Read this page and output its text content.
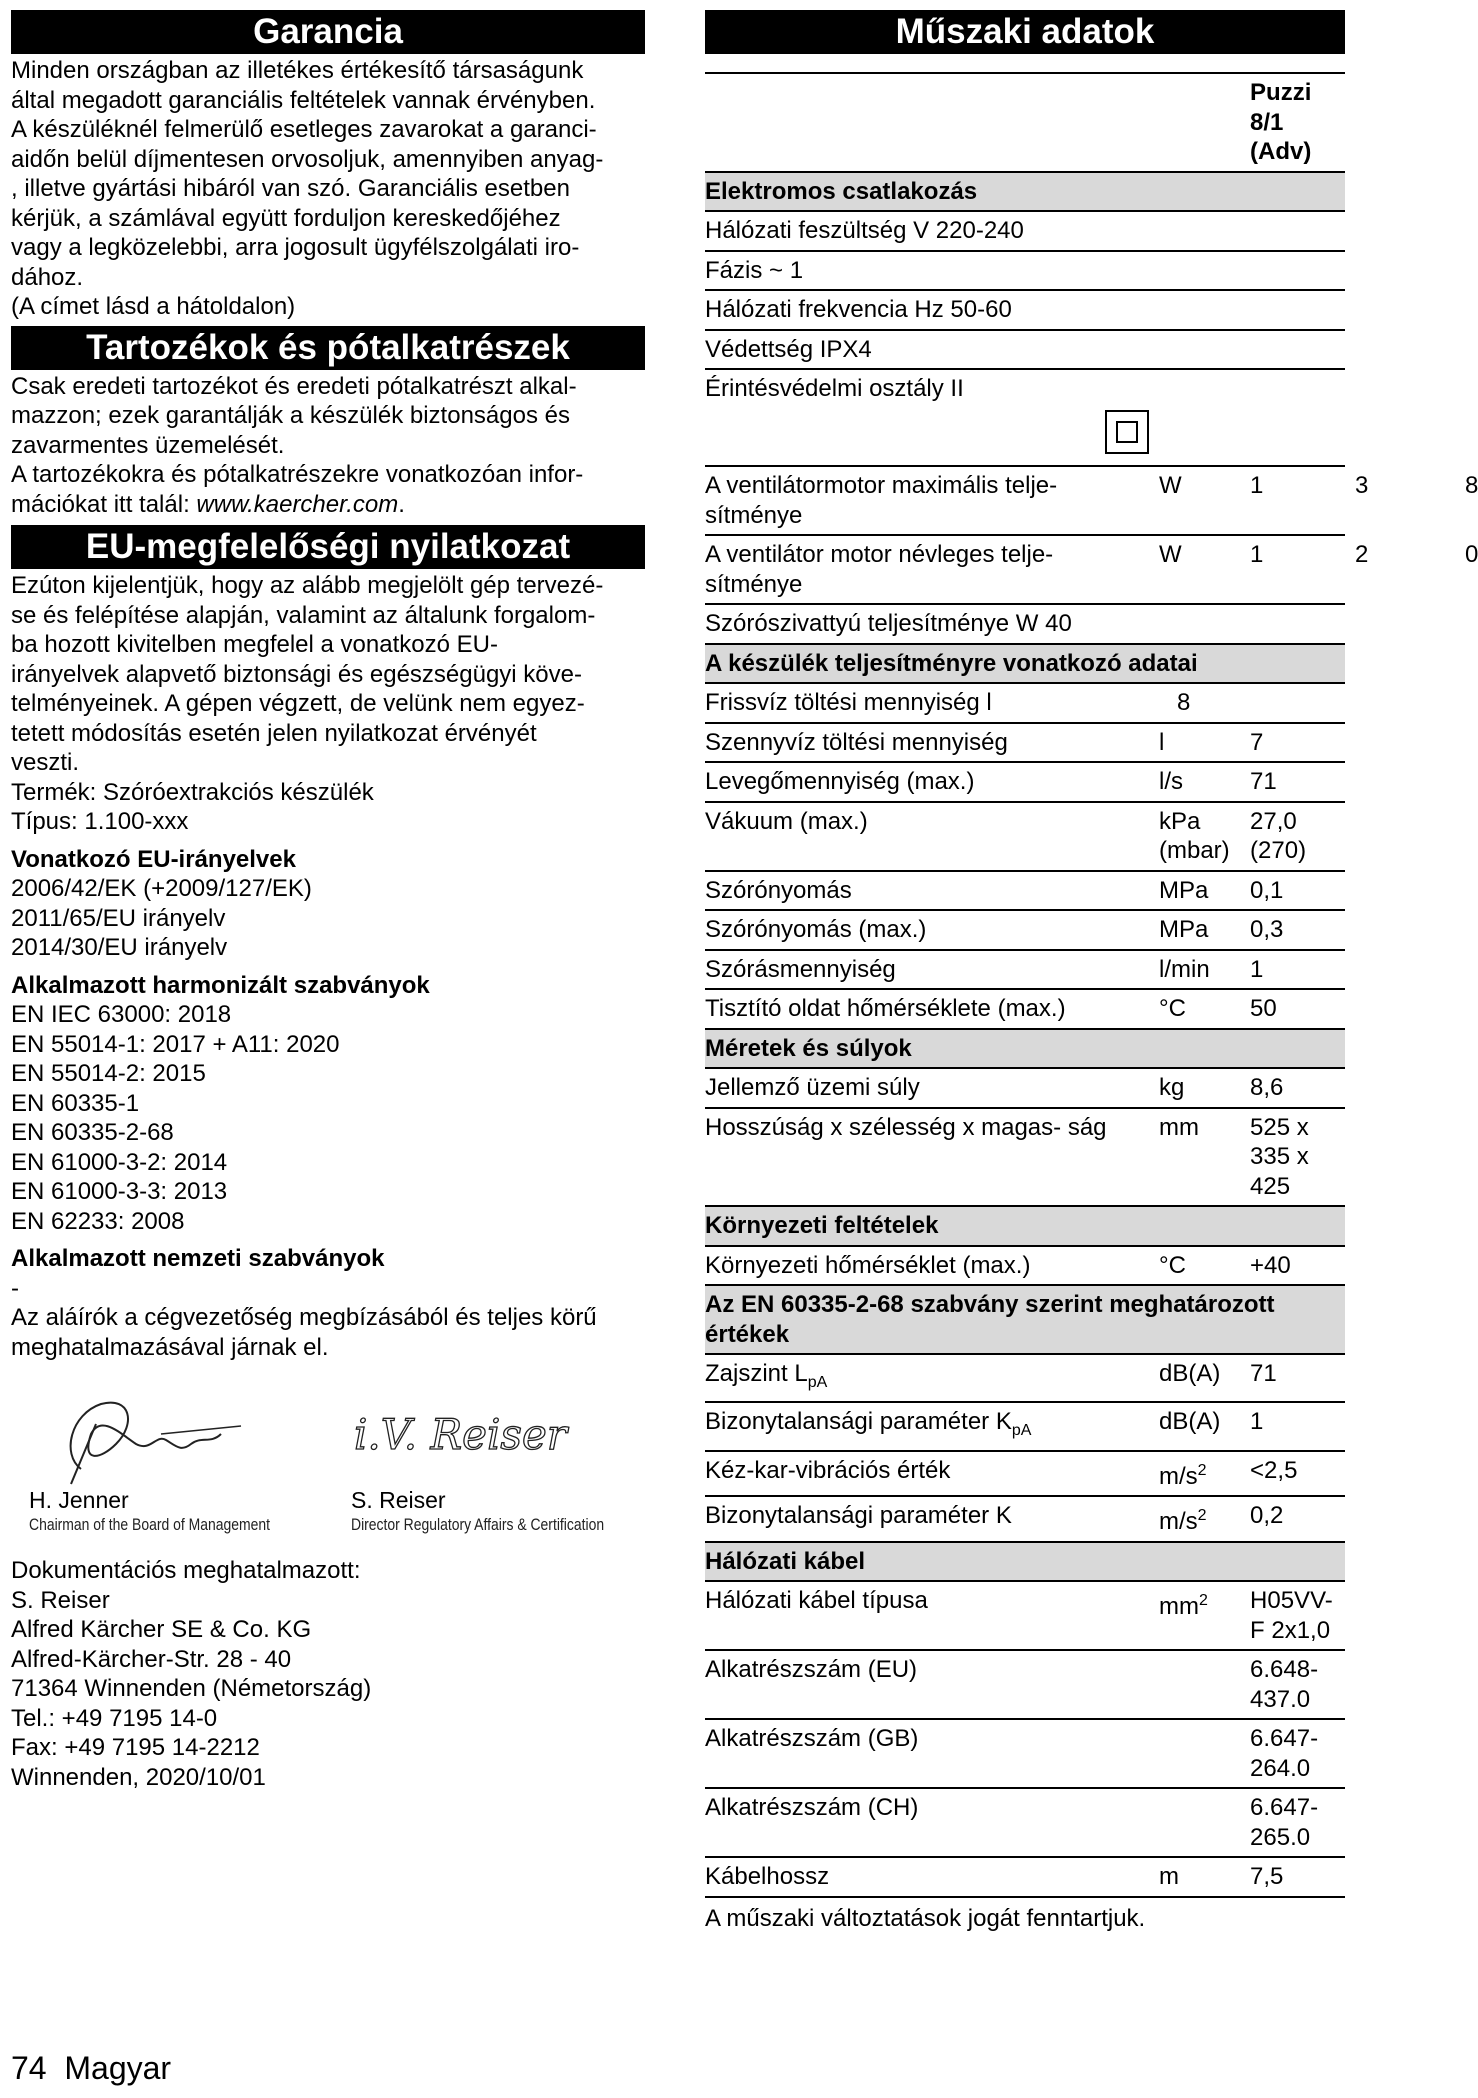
Garancia
Minden országban az illetékes értékesítő társaságunk
által megadott garanciális feltételek vannak érvényben.
A készüléknél felmerülő esetleges zavarokat a garanci-
aidőn belül díjmentesen orvosoljuk, amennyiben anyag-
, illetve gyártási hibáról van szó. Garanciális esetben
kérjük, a számlával együtt forduljon kereskedőjéhez
vagy a legközelebbi, arra jogosult ügyfélszolgálati iro-
dához.
(A címet lásd a hátoldalon)
Tartozékok és pótalkatrészek
Csak eredeti tartozékot és eredeti pótalkatrészt alkal-
mazzon; ezek garantálják a készülék biztonságos és
zavarmentes üzemelését.
A tartozékokra és pótalkatrészekre vonatkozóan infor-
mációkat itt talál: www.kaercher.com.
EU-megfelelőségi nyilatkozat
Ezúton kijelentjük, hogy az alább megjelölt gép tervezé-
se és felépítése alapján, valamint az általunk forgalom-
ba hozott kivitelben megfelel a vonatkozó EU-
irányelvek alapvető biztonsági és egészségügyi köve-
telményeinek. A gépen végzett, de velünk nem egyez-
tetett módosítás esetén jelen nyilatkozat érvényét
veszti.
Termék: Szóróextrakciós készülék
Típus: 1.100-xxx
Vonatkozó EU-irányelvek
2006/42/EK (+2009/127/EK)
2011/65/EU irányelv
2014/30/EU irányelv
Alkalmazott harmonizált szabványok
EN IEC 63000: 2018
EN 55014-1: 2017 + A11: 2020
EN 55014-2: 2015
EN 60335-1
EN 60335-2-68
EN 61000-3-2: 2014
EN 61000-3-3: 2013
EN 62233: 2008
Alkalmazott nemzeti szabványok
-
Az aláírók a cégvezetőség megbízásából és teljes körű
meghatalmazásával járnak el.
i.V. Reiser
H. Jenner
Chairman of the Board of Management
S. Reiser
Director Regulatory Affairs & Certification
Dokumentációs meghatalmazott:
S. Reiser
Alfred Kärcher SE & Co. KG
Alfred-Kärcher-Str. 28 - 40
71364 Winnenden (Németország)
Tel.: +49 7195 14-0
Fax: +49 7195 14-2212
Winnenden, 2020/10/01
Műszaki adatok

		Puzzi
8/1
(Adv)

Elektromos csatlakozás		
Hálózati feszültség V 220-240		
Fázis ~ 1		
Hálózati frekvencia Hz 50-60		
Védettség IPX4		
Érintésvédelmi osztály II

A ventilátormotor maximális telje- sítménye	W	1 3 8

A ventilátor motor névleges telje- sítménye	W	1 2 0

Szórószivattyú teljesítménye W 40		
A készülék teljesítményre vonatkozó adatai		
Frissvíz töltési mennyiség l	8	
Szennyvíz töltési mennyiség	l	7
Levegőmennyiség (max.)	l/s	71
Vákuum (max.)	kPa (mbar)	27,0 (270)
Szórónyomás	MPa	0,1
Szórónyomás (max.)	MPa	0,3
Szórásmennyiség	l/min	1
Tisztító oldat hőmérséklete (max.)	°C	50
Méretek és súlyok		
Jellemző üzemi súly	kg	8,6
Hosszúság x szélesség x magas- ság	mm	525 x 335 x 425
Környezeti feltételek		
Környezeti hőmérséklet (max.)	°C	+40
Az EN 60335-2-68 szabvány szerint meghatározott értékek		
Zajszint $L_{pA}$	dB(A)	71
Bizonytalansági paraméter $K_{pA}$	dB(A)	1
Kéz-kar-vibrációs érték	$m/s^2$	<2,5
Bizonytalansági paraméter K	$m/s^2$	0,2
Hálózati kábel		
Hálózati kábel típusa	$mm^2$	H05VV- F 2x1,0
Alkatrészszám (EU)		6.648- 437.0
Alkatrészszám (GB)		6.647- 264.0
Alkatrészszám (CH)		6.647- 265.0
Kábelhossz	m	7,5
A műszaki változtatások jogát fenntartjuk.
74 Magyar
